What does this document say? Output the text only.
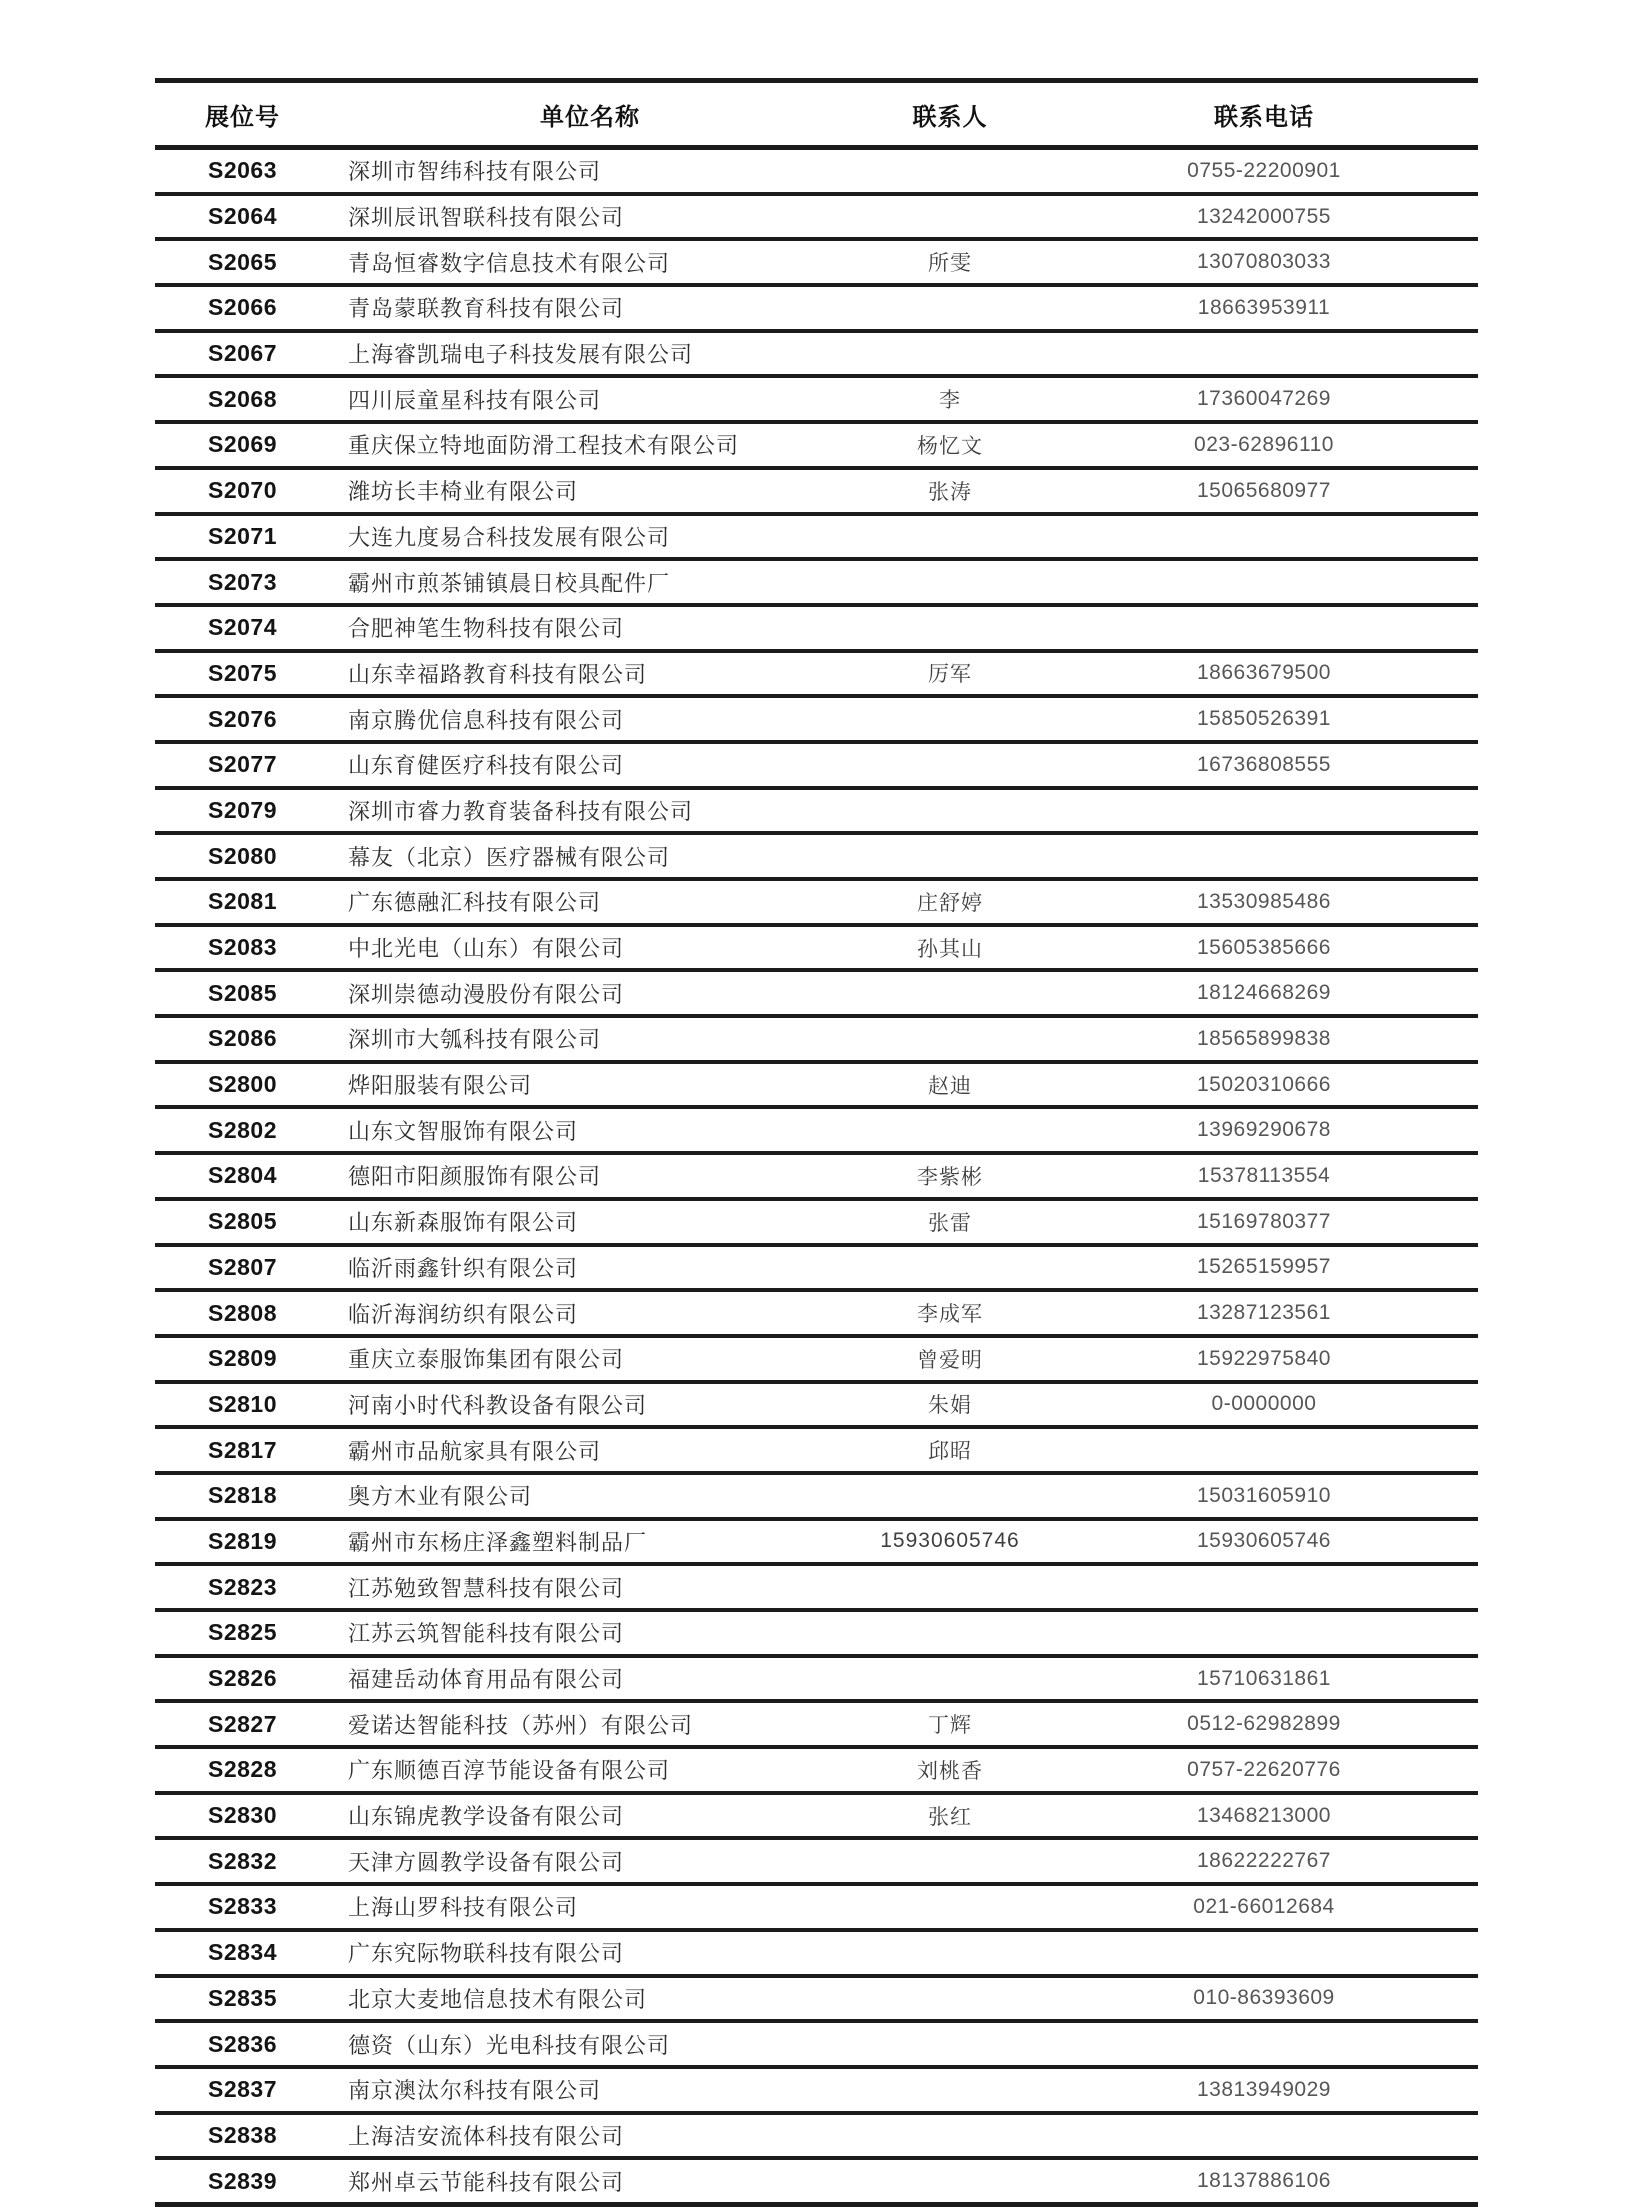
展位号	单位名称	联系人	联系电话
S2063	深圳市智纬科技有限公司		0755-22200901
S2064	深圳辰讯智联科技有限公司		13242000755
S2065	青岛恒睿数字信息技术有限公司	所雯	13070803033
S2066	青岛蒙联教育科技有限公司		18663953911
S2067	上海睿凯瑞电子科技发展有限公司		
S2068	四川辰童星科技有限公司	李	17360047269
S2069	重庆保立特地面防滑工程技术有限公司	杨忆文	023-62896110
S2070	潍坊长丰椅业有限公司	张涛	15065680977
S2071	大连九度易合科技发展有限公司		
S2073	霸州市煎茶铺镇晨日校具配件厂		
S2074	合肥神笔生物科技有限公司		
S2075	山东幸福路教育科技有限公司	厉军	18663679500
S2076	南京腾优信息科技有限公司		15850526391
S2077	山东育健医疗科技有限公司		16736808555
S2079	深圳市睿力教育装备科技有限公司		
S2080	幕友（北京）医疗器械有限公司		
S2081	广东德融汇科技有限公司	庄舒婷	13530985486
S2083	中北光电（山东）有限公司	孙其山	15605385666
S2085	深圳崇德动漫股份有限公司		18124668269
S2086	深圳市大瓠科技有限公司		18565899838
S2800	烨阳服装有限公司	赵迪	15020310666
S2802	山东文智服饰有限公司		13969290678
S2804	德阳市阳颜服饰有限公司	李紫彬	15378113554
S2805	山东新森服饰有限公司	张雷	15169780377
S2807	临沂雨鑫针织有限公司		15265159957
S2808	临沂海润纺织有限公司	李成军	13287123561
S2809	重庆立泰服饰集团有限公司	曾爱明	15922975840
S2810	河南小时代科教设备有限公司	朱娟	0-0000000
S2817	霸州市品航家具有限公司	邱昭	
S2818	奥方木业有限公司		15031605910
S2819	霸州市东杨庄泽鑫塑料制品厂	15930605746	15930605746
S2823	江苏勉致智慧科技有限公司		
S2825	江苏云筑智能科技有限公司		
S2826	福建岳动体育用品有限公司		15710631861
S2827	爱诺达智能科技（苏州）有限公司	丁辉	0512-62982899
S2828	广东顺德百淳节能设备有限公司	刘桃香	0757-22620776
S2830	山东锦虎教学设备有限公司	张红	13468213000
S2832	天津方圆教学设备有限公司		18622222767
S2833	上海山罗科技有限公司		021-66012684
S2834	广东究际物联科技有限公司		
S2835	北京大麦地信息技术有限公司		010-86393609
S2836	德资（山东）光电科技有限公司		
S2837	南京澳汰尔科技有限公司		13813949029
S2838	上海洁安流体科技有限公司		
S2839	郑州卓云节能科技有限公司		18137886106
